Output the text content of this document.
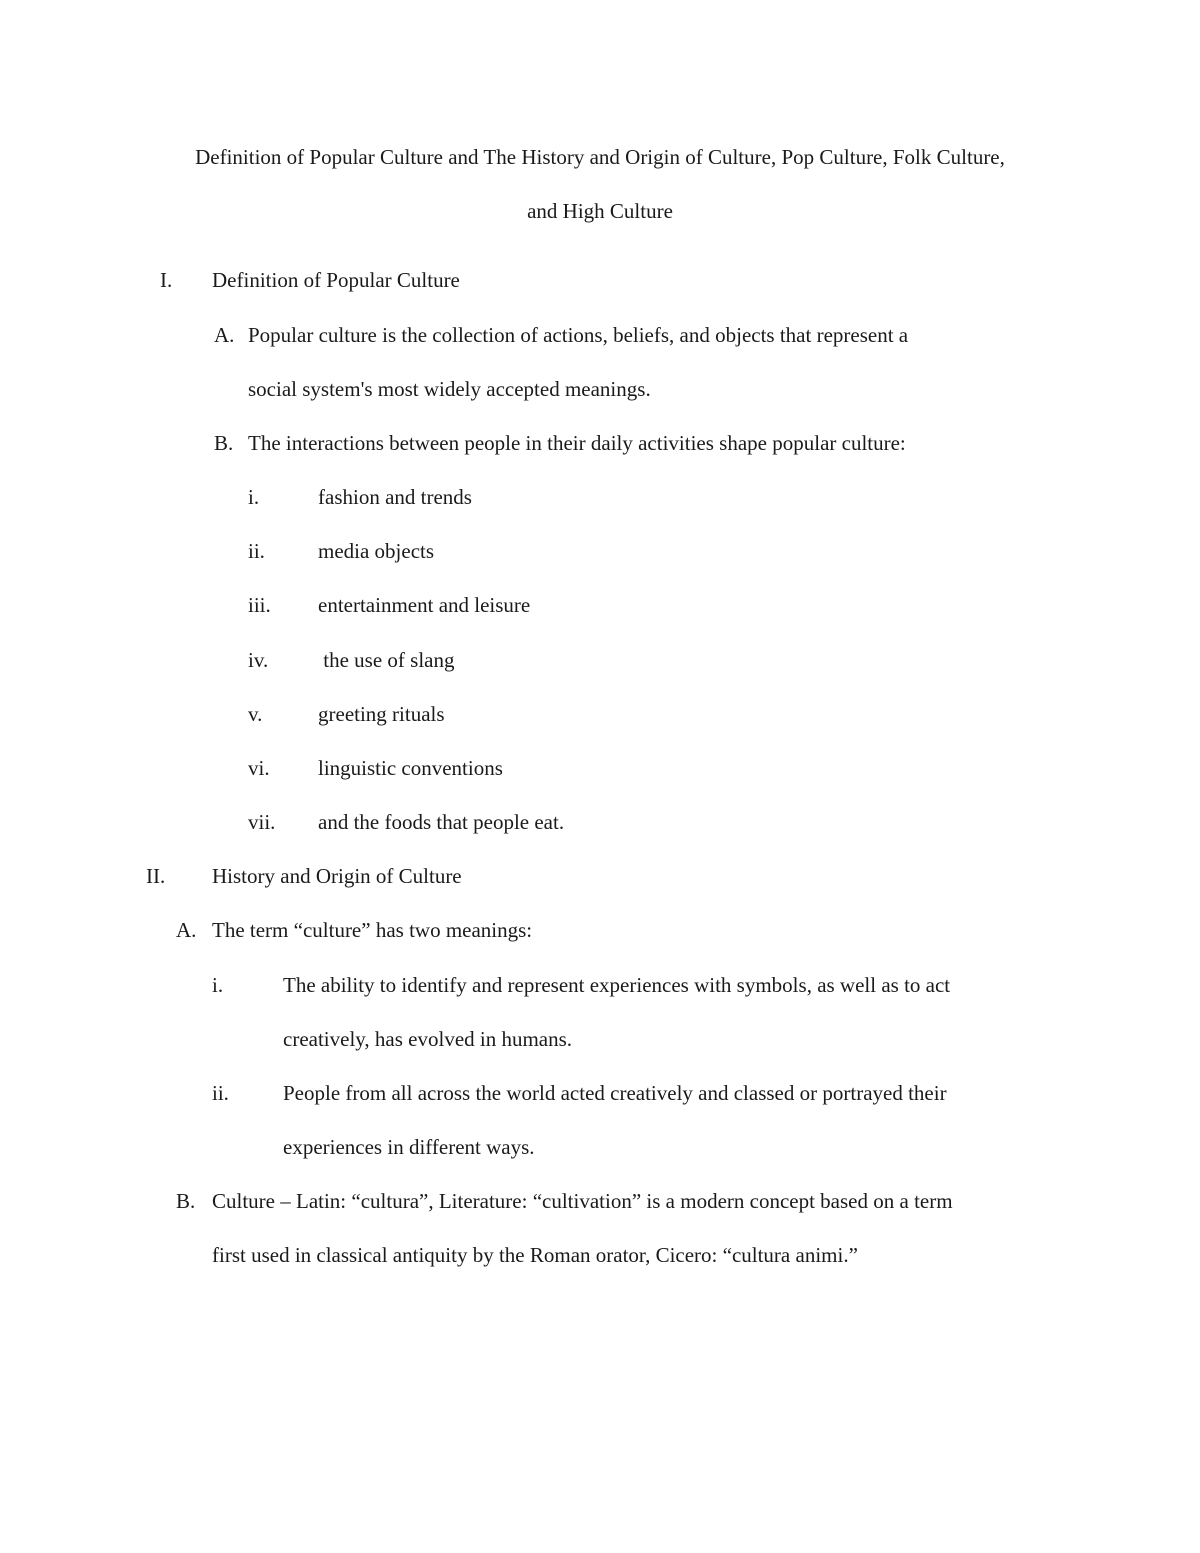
Definition of Popular Culture and The History and Origin of Culture, Pop Culture, Folk Culture,
and High Culture
I. Definition of Popular Culture
A. Popular culture is the collection of actions, beliefs, and objects that represent a
social system's most widely accepted meanings.
B. The interactions between people in their daily activities shape popular culture:
i.	fashion and trends
ii.	media objects
iii. entertainment and leisure
iv. the use of slang
v.	greeting rituals
vi. linguistic conventions
vii. and the foods that people eat.
II. History and Origin of Culture
A. The term “culture” has two meanings:
i.	The ability to identify and represent experiences with symbols, as well as to act
creatively, has evolved in humans.
ii.	People from all across the world acted creatively and classed or portrayed their
experiences in different ways.
B. Culture – Latin: “cultura”, Literature: “cultivation” is a modern concept based on a term
first used in classical antiquity by the Roman orator, Cicero: “cultura animi.”
